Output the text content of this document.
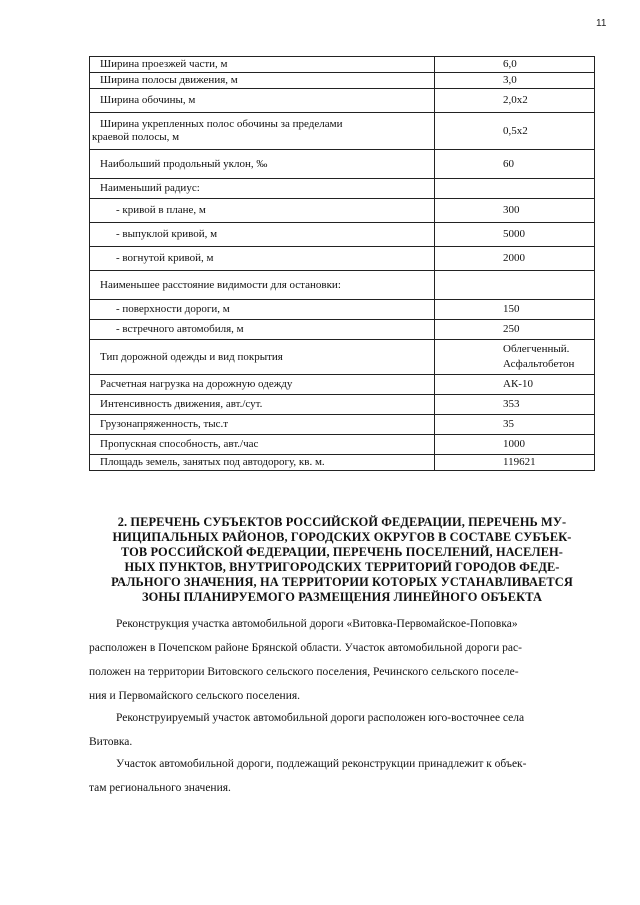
11
Ширина проезжей части, м	6,0
Ширина полосы движения, м	3,0
Ширина обочины, м	2,0x2

Ширина укрепленных полос обочины за пределами
краевой полосы, м	0,5x2
Наибольший продольный уклон, ‰	60
Наименьший радиус:	
- кривой в плане, м	300
- выпуклой кривой, м	5000
- вогнутой кривой, м	2000
Наименьшее расстояние видимости для остановки:	
- поверхности дороги, м	150
- встречного автомобиля, м	250
Тип дорожной одежды и вид покрытия	Облегченный.
Асфальтобетон

Расчетная нагрузка на дорожную одежду	АК-10
Интенсивность движения, авт./сут.	353
Грузонапряженность, тыс.т	35
Пропускная способность, авт./час	1000
Площадь земель, занятых под автодорогу, кв. м.	119621
2. ПЕРЕЧЕНЬ СУБЪЕКТОВ РОССИЙСКОЙ ФЕДЕРАЦИИ, ПЕРЕЧЕНЬ МУ-
НИЦИПАЛЬНЫХ РАЙОНОВ, ГОРОДСКИХ ОКРУГОВ В СОСТАВЕ СУБЪЕК-
ТОВ РОССИЙСКОЙ ФЕДЕРАЦИИ, ПЕРЕЧЕНЬ ПОСЕЛЕНИЙ, НАСЕЛЕН-
НЫХ ПУНКТОВ, ВНУТРИГОРОДСКИХ ТЕРРИТОРИЙ ГОРОДОВ ФЕДЕ-
РАЛЬНОГО ЗНАЧЕНИЯ, НА ТЕРРИТОРИИ КОТОРЫХ УСТАНАВЛИВАЕТСЯ
ЗОНЫ ПЛАНИРУЕМОГО РАЗМЕЩЕНИЯ ЛИНЕЙНОГО ОБЪЕКТА
Реконструкция участка автомобильной дороги «Витовка-Первомайское-Поповка»
расположен в Почепском районе Брянской области. Участок автомобильной дороги рас-
положен на территории Витовского сельского поселения, Речинского сельского поселе-
ния и Первомайского сельского поселения.
Реконструируемый участок автомобильной дороги расположен юго-восточнее села
Витовка.
Участок автомобильной дороги, подлежащий реконструкции принадлежит к объек-
там регионального значения.
